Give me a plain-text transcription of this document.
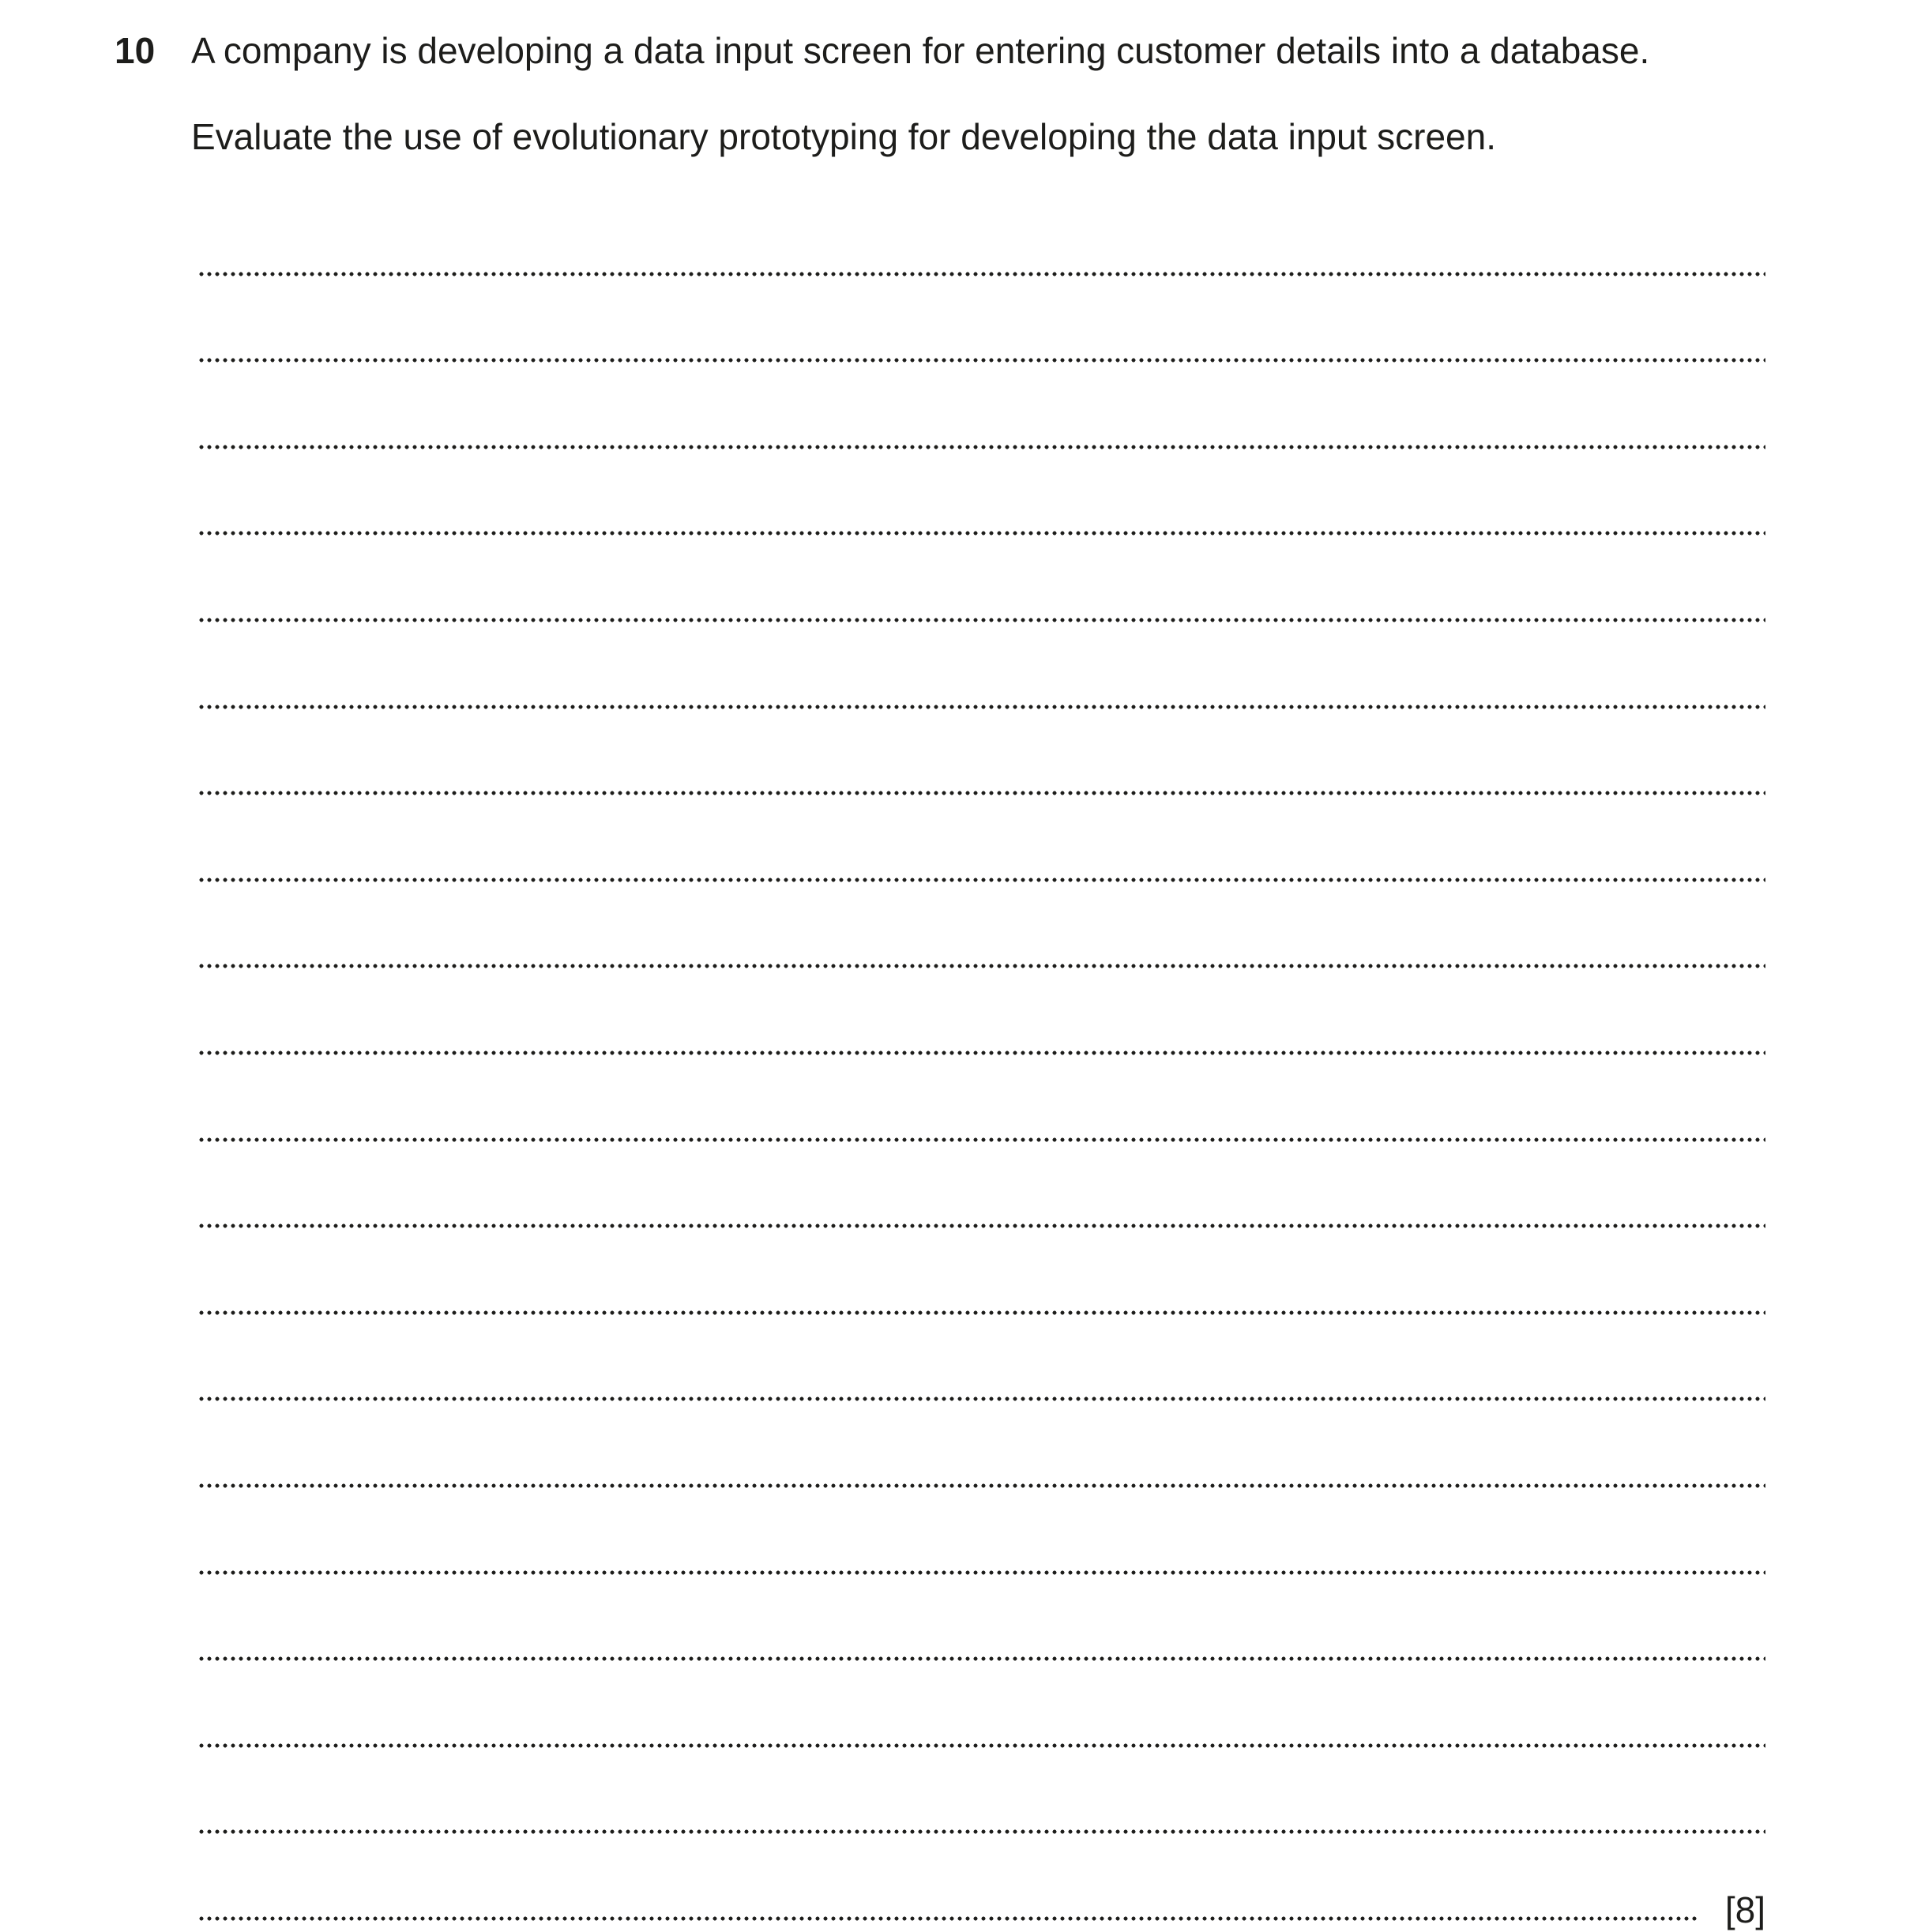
10 A company is developing a data input screen for entering customer details into a database.
Evaluate the use of evolutionary prototyping for developing the data input screen.
[8]
